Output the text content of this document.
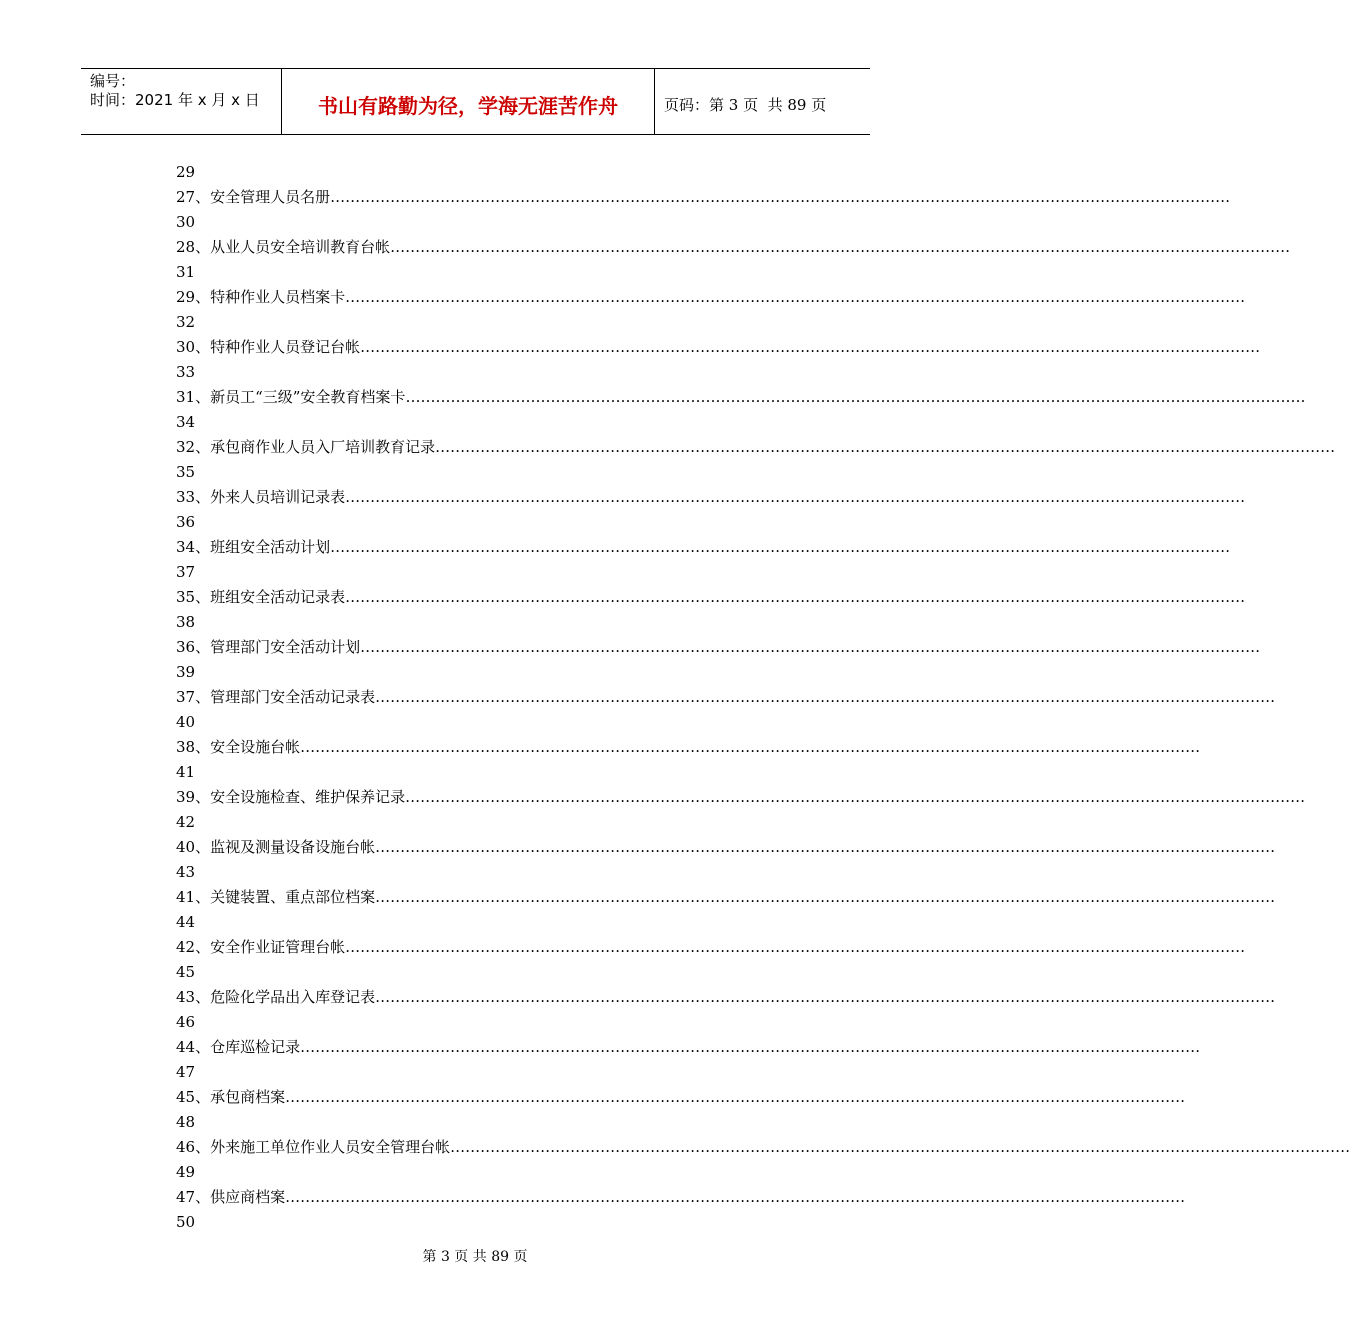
编号：
时间：2021 年 x 月 x 日	书山有路勤为径，学海无涯苦作舟	页码：第 3 页  共 89 页
29
27、安全管理人员名册 ………………………………………………………………………………………………………………………………………………………………
30
28、从业人员安全培训教育台帐 ………………………………………………………………………………………………………………………………………………………………
31
29、特种作业人员档案卡 ………………………………………………………………………………………………………………………………………………………………
32
30、特种作业人员登记台帐 ………………………………………………………………………………………………………………………………………………………………
33
31、新员工“三级”安全教育档案卡 ………………………………………………………………………………………………………………………………………………………………
34
32、承包商作业人员入厂培训教育记录 ………………………………………………………………………………………………………………………………………………………………
35
33、外来人员培训记录表 ………………………………………………………………………………………………………………………………………………………………
36
34、班组安全活动计划 ………………………………………………………………………………………………………………………………………………………………
37
35、班组安全活动记录表 ………………………………………………………………………………………………………………………………………………………………
38
36、管理部门安全活动计划 ………………………………………………………………………………………………………………………………………………………………
39
37、管理部门安全活动记录表 ………………………………………………………………………………………………………………………………………………………………
40
38、安全设施台帐 ………………………………………………………………………………………………………………………………………………………………
41
39、安全设施检查、维护保养记录 ………………………………………………………………………………………………………………………………………………………………
42
40、监视及测量设备设施台帐 ………………………………………………………………………………………………………………………………………………………………
43
41、关键装置、重点部位档案 ………………………………………………………………………………………………………………………………………………………………
44
42、安全作业证管理台帐 ………………………………………………………………………………………………………………………………………………………………
45
43、危险化学品出入库登记表 ………………………………………………………………………………………………………………………………………………………………
46
44、仓库巡检记录 ………………………………………………………………………………………………………………………………………………………………
47
45、承包商档案 ………………………………………………………………………………………………………………………………………………………………
48
46、外来施工单位作业人员安全管理台帐 ………………………………………………………………………………………………………………………………………………………………
49
47、供应商档案 ………………………………………………………………………………………………………………………………………………………………
50
第 3 页 共 89 页
